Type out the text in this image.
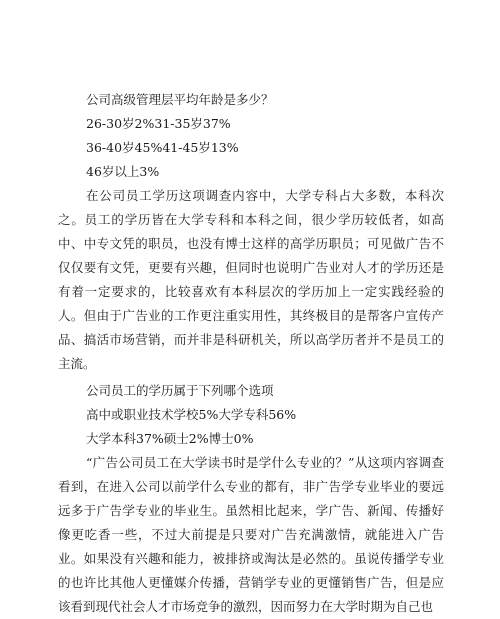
公司高级管理层平均年龄是多少？
26-30岁2%31-35岁37%
36-40岁45%41-45岁13%
46岁以上3%

在公司员工学历这项调查内容中，大学专科占大多数，本科次之。员工的学历皆在大学专科和本科之间，很少学历较低者，如高中、中专文凭的职员，也没有博士这样的高学历职员；可见做广告不仅仅要有文凭，更要有兴趣，但同时也说明广告业对人才的学历还是有着一定要求的，比较喜欢有本科层次的学历加上一定实践经验的人。但由于广告业的工作更注重实用性，其终极目的是帮客户宣传产品、搞活市场营销，而并非是科研机关，所以高学历者并不是员工的主流。

公司员工的学历属于下列哪个选项
高中或职业技术学校5%大学专科56%
大学本科37%硕士2%博士0%

“广告公司员工在大学读书时是学什么专业的？”从这项内容调查看到，在进入公司以前学什么专业的都有，非广告学专业毕业的要远远多于广告学专业的毕业生。虽然相比起来，学广告、新闻、传播好像更吃香一些，不过大前提是只要对广告充满激情，就能进入广告业。如果没有兴趣和能力，被排挤或淘汰是必然的。虽说传播学专业的也许比其他人更懂媒介传播，营销学专业的更懂销售广告，但是应该看到现代社会人才市场竞争的激烈，因而努力在大学时期为自己也
